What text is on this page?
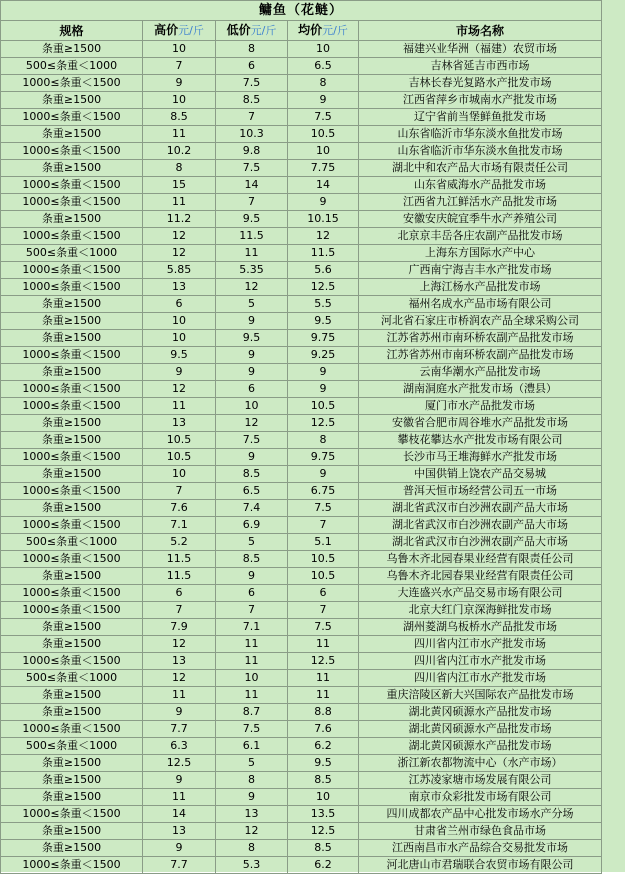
鳙鱼（花鲢）				
规格	高价元/斤	低价元/斤	均价元/斤	市场名称
条重≥1500	10	8	10	福建兴业华洲（福建）农贸市场
500≤条重＜1000	7	6	6.5	吉林省延吉市西市场
1000≤条重＜1500	9	7.5	8	吉林长春光复路水产批发市场
条重≥1500	10	8.5	9	江西省萍乡市城南水产批发市场
1000≤条重＜1500	8.5	7	7.5	辽宁省前当堡鲜鱼批发市场
条重≥1500	11	10.3	10.5	山东省临沂市华东淡水鱼批发市场
1000≤条重＜1500	10.2	9.8	10	山东省临沂市华东淡水鱼批发市场
条重≥1500	8	7.5	7.75	湖北中和农产品大市场有限责任公司
1000≤条重＜1500	15	14	14	山东省威海水产品批发市场
1000≤条重＜1500	11	7	9	江西省九江鲜活水产品批发市场
条重≥1500	11.2	9.5	10.15	安徽安庆皖宜季牛水产养殖公司
1000≤条重＜1500	12	11.5	12	北京京丰岳各庄农副产品批发市场
500≤条重＜1000	12	11	11.5	上海东方国际水产中心
1000≤条重＜1500	5.85	5.35	5.6	广西南宁海吉丰水产批发市场
1000≤条重＜1500	13	12	12.5	上海江杨水产品批发市场
条重≥1500	6	5	5.5	福州名成水产品市场有限公司
条重≥1500	10	9	9.5	河北省石家庄市桥润农产品全球采购公司
条重≥1500	10	9.5	9.75	江苏省苏州市南环桥农副产品批发市场
1000≤条重＜1500	9.5	9	9.25	江苏省苏州市南环桥农副产品批发市场
条重≥1500	9	9	9	云南华潮水产品批发市场
1000≤条重＜1500	12	6	9	湖南洞庭水产批发市场（澧县）
1000≤条重＜1500	11	10	10.5	厦门市水产品批发市场
条重≥1500	13	12	12.5	安徽省合肥市周谷堆水产品批发市场
条重≥1500	10.5	7.5	8	攀枝花攀达水产批发市场有限公司
1000≤条重＜1500	10.5	9	9.75	长沙市马王堆海鲜水产批发市场
条重≥1500	10	8.5	9	中国供销上饶农产品交易城
1000≤条重＜1500	7	6.5	6.75	普洱天恒市场经营公司五一市场
条重≥1500	7.6	7.4	7.5	湖北省武汉市白沙洲农副产品大市场
1000≤条重＜1500	7.1	6.9	7	湖北省武汉市白沙洲农副产品大市场
500≤条重＜1000	5.2	5	5.1	湖北省武汉市白沙洲农副产品大市场
1000≤条重＜1500	11.5	8.5	10.5	乌鲁木齐北园春果业经营有限责任公司
条重≥1500	11.5	9	10.5	乌鲁木齐北园春果业经营有限责任公司
1000≤条重＜1500	6	6	6	大连盛兴水产品交易市场有限公司
1000≤条重＜1500	7	7	7	北京大红门京深海鲜批发市场
条重≥1500	7.9	7.1	7.5	湖州菱湖乌板桥水产品批发市场
条重≥1500	12	11	11	四川省内江市水产批发市场
1000≤条重＜1500	13	11	12.5	四川省内江市水产批发市场
500≤条重＜1000	12	10	11	四川省内江市水产批发市场
条重≥1500	11	11	11	重庆涪陵区新大兴国际农产品批发市场
条重≥1500	9	8.7	8.8	湖北黄冈硕源水产品批发市场
1000≤条重＜1500	7.7	7.5	7.6	湖北黄冈硕源水产品批发市场
500≤条重＜1000	6.3	6.1	6.2	湖北黄冈硕源水产品批发市场
条重≥1500	12.5	5	9.5	浙江新农都物流中心（水产市场）
条重≥1500	9	8	8.5	江苏凌家塘市场发展有限公司
条重≥1500	11	9	10	南京市众彩批发市场有限公司
1000≤条重＜1500	14	13	13.5	四川成都农产品中心批发市场水产分场
条重≥1500	13	12	12.5	甘肃省兰州市绿色食品市场
条重≥1500	9	8	8.5	江西南昌市水产品综合交易批发市场
1000≤条重＜1500	7.7	5.3	6.2	河北唐山市君瑞联合农贸市场有限公司
